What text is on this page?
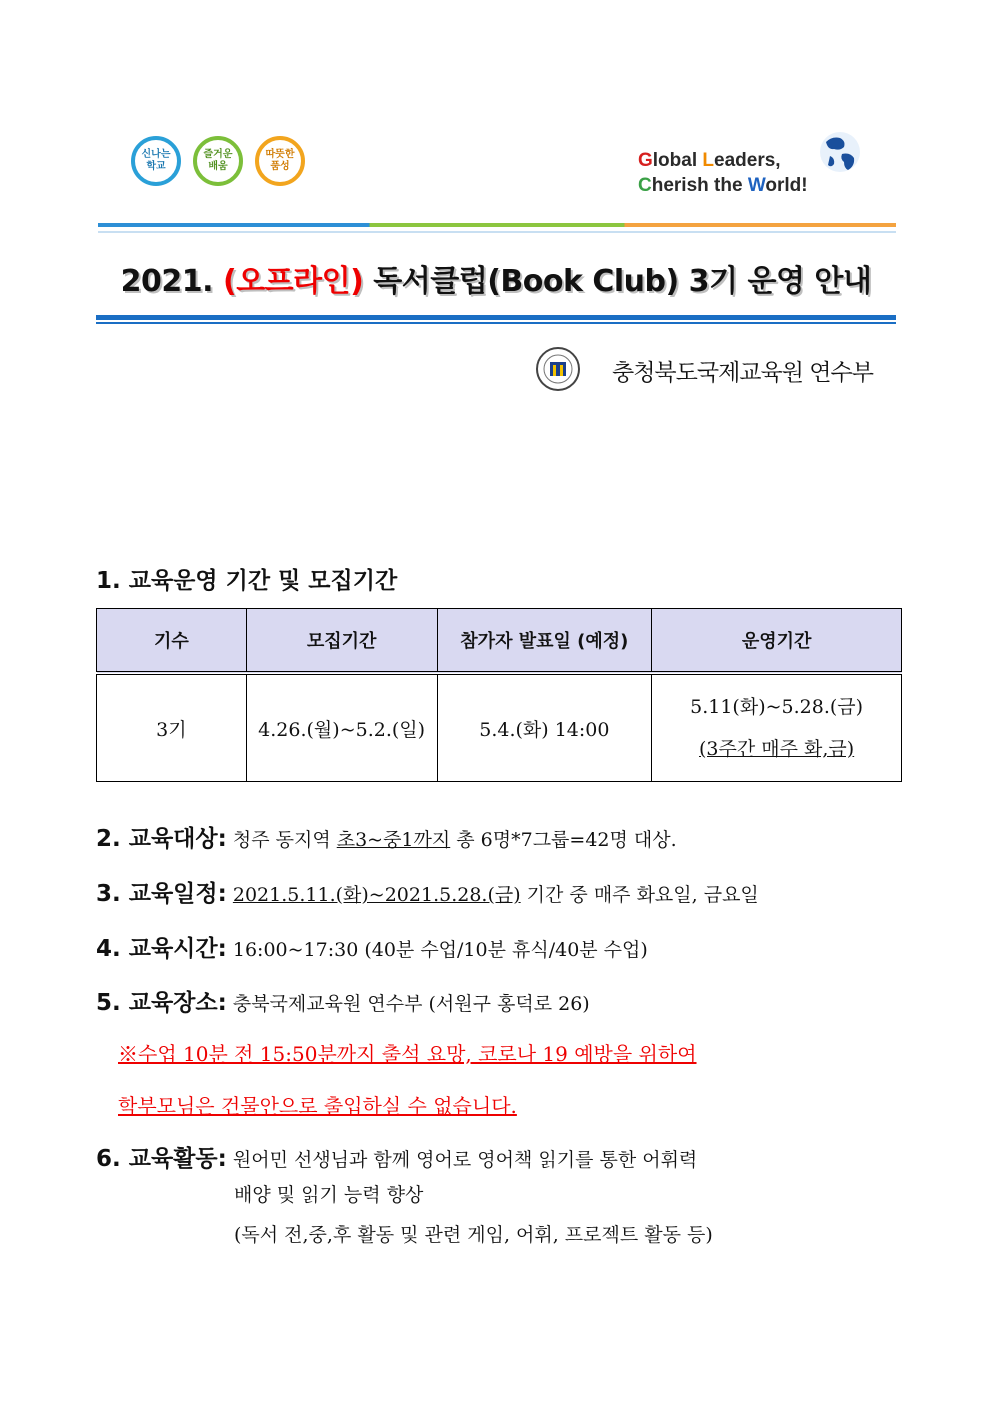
신나는
학교
즐거운
배움
따뜻한
품성	Global Leaders,
Cherish the World!
2021. (오프라인) 독서클럽(Book Club) 3기 운영 안내
충청북도국제교육원 연수부
1. 교육운영 기간 및 모집기간
기수	모집기간	참가자 발표일 (예정)	운영기간
3기	4.26.(월)~5.2.(일)	5.4.(화) 14:00	5.11(화)~5.28.(금)
(3주간 매주 화,금)
2. 교육대상: 청주 동지역 초3~중1까지 총 6명*7그룹=42명 대상.
3. 교육일정: 2021.5.11.(화)~2021.5.28.(금) 기간 중 매주 화요일, 금요일
4. 교육시간: 16:00~17:30 (40분 수업/10분 휴식/40분 수업)
5. 교육장소: 충북국제교육원 연수부 (서원구 홍덕로 26)
※수업 10분 전 15:50분까지 출석 요망, 코로나 19 예방을 위하여
학부모님은 건물안으로 출입하실 수 없습니다.
6. 교육활동: 원어민 선생님과 함께 영어로 영어책 읽기를 통한 어휘력
배양 및 읽기 능력 향상
(독서 전,중,후 활동 및 관련 게임, 어휘, 프로젝트 활동 등)
